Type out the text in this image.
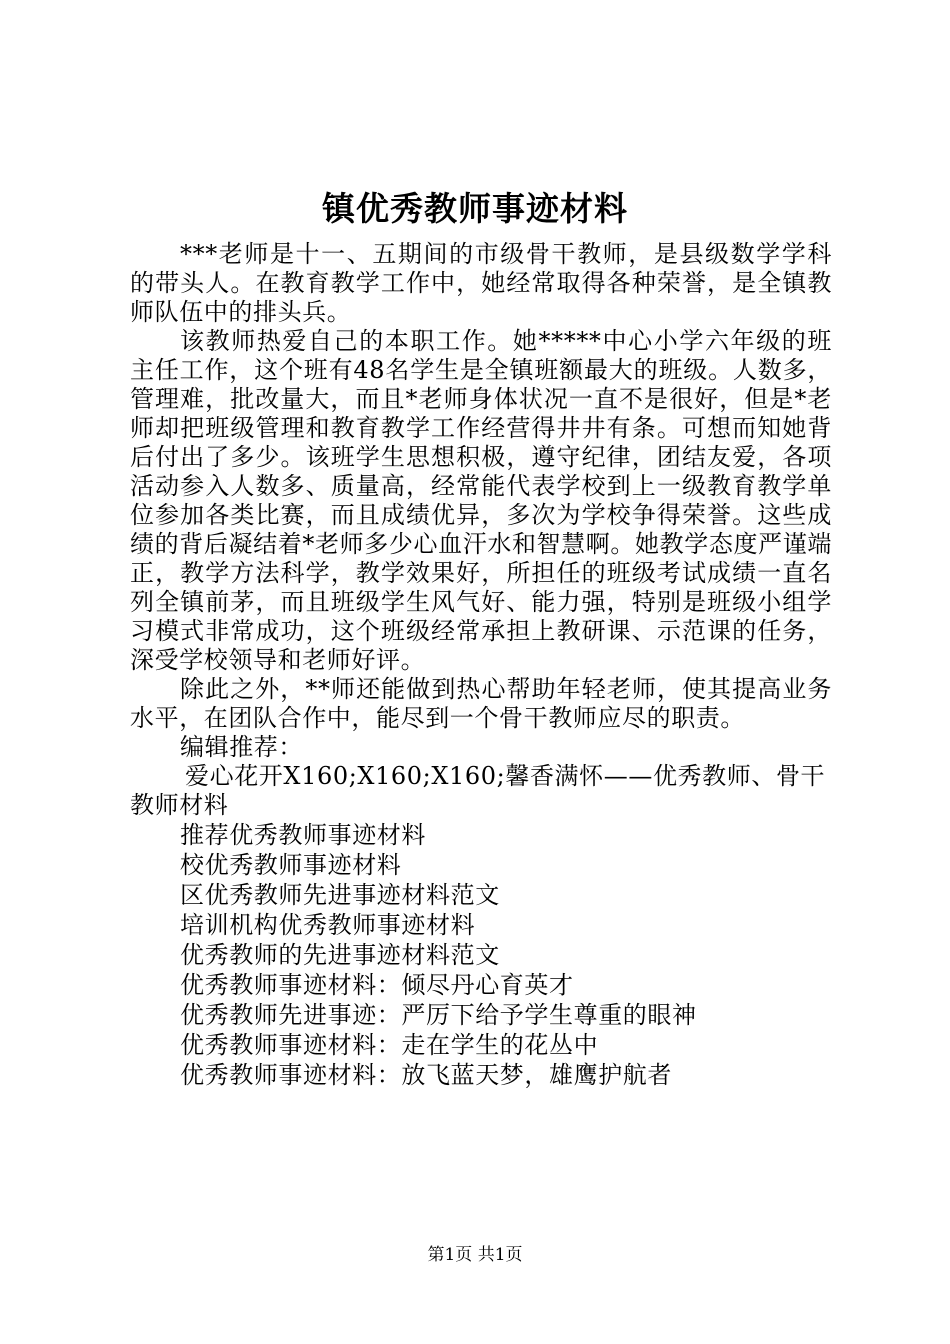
镇优秀教师事迹材料

***老师是十一、五期间的市级骨干教师，是县级数学学科的带头人。在教育教学工作中，她经常取得各种荣誉，是全镇教师队伍中的排头兵。

该教师热爱自己的本职工作。她*****中心小学六年级的班主任工作，这个班有48名学生是全镇班额最大的班级。人数多，管理难，批改量大，而且*老师身体状况一直不是很好，但是*老师却把班级管理和教育教学工作经营得井井有条。可想而知她背后付出了多少。该班学生思想积极，遵守纪律，团结友爱，各项活动参入人数多、质量高，经常能代表学校到上一级教育教学单位参加各类比赛，而且成绩优异，多次为学校争得荣誉。这些成绩的背后凝结着*老师多少心血汗水和智慧啊。她教学态度严谨端正，教学方法科学，教学效果好，所担任的班级考试成绩一直名列全镇前茅，而且班级学生风气好、能力强，特别是班级小组学习模式非常成功，这个班级经常承担上教研课、示范课的任务，深受学校领导和老师好评。

除此之外，**师还能做到热心帮助年轻老师，使其提高业务水平，在团队合作中，能尽到一个骨干教师应尽的职责。

编辑推荐：

爱心花开X160;X160;X160;馨香满怀——优秀教师、骨干教师材料

推荐优秀教师事迹材料
校优秀教师事迹材料
区优秀教师先进事迹材料范文
培训机构优秀教师事迹材料
优秀教师的先进事迹材料范文
优秀教师事迹材料：倾尽丹心育英才
优秀教师先进事迹：严厉下给予学生尊重的眼神
优秀教师事迹材料：走在学生的花丛中
优秀教师事迹材料：放飞蓝天梦，雄鹰护航者
第1页 共1页
